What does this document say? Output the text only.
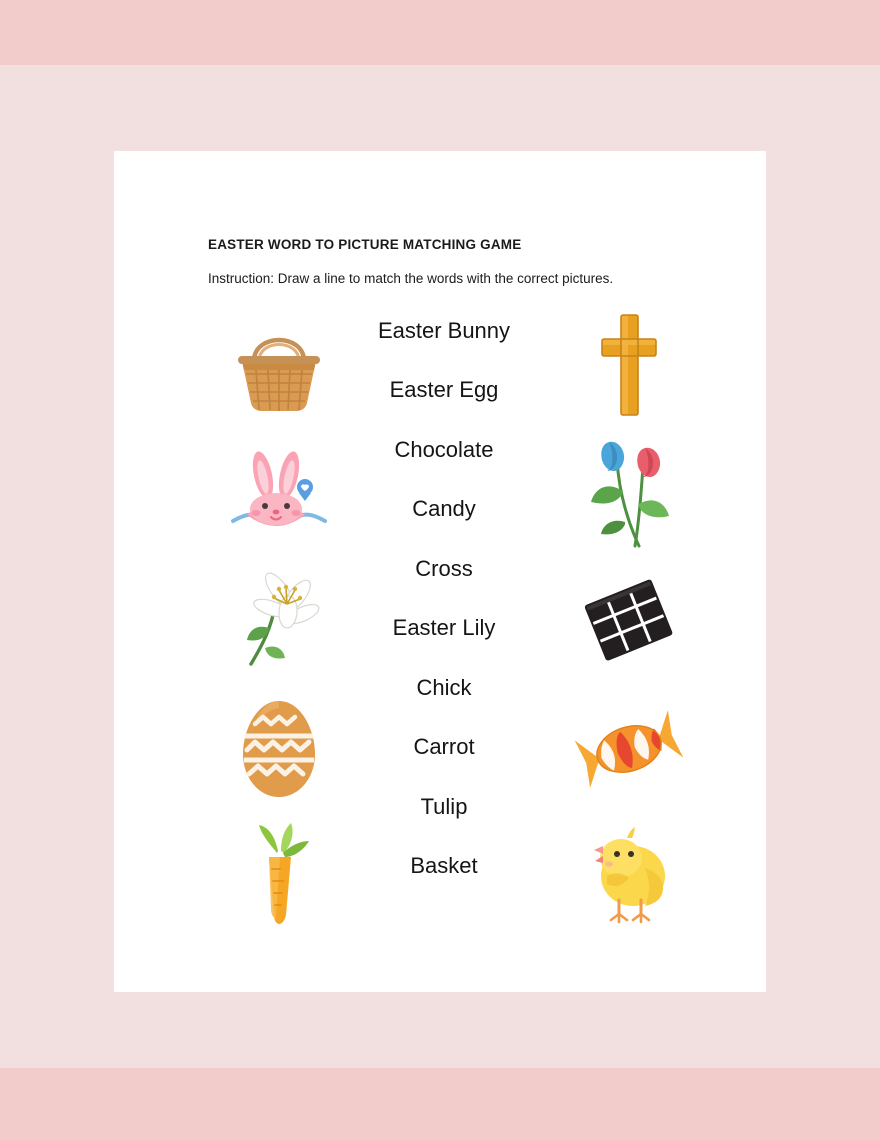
EASTER WORD TO PICTURE MATCHING GAME
Instruction: Draw a line to match the words with the correct pictures.
Easter Bunny
Easter Egg
Chocolate
Candy
Cross
Easter Lily
Chick
Carrot
Tulip
Basket
